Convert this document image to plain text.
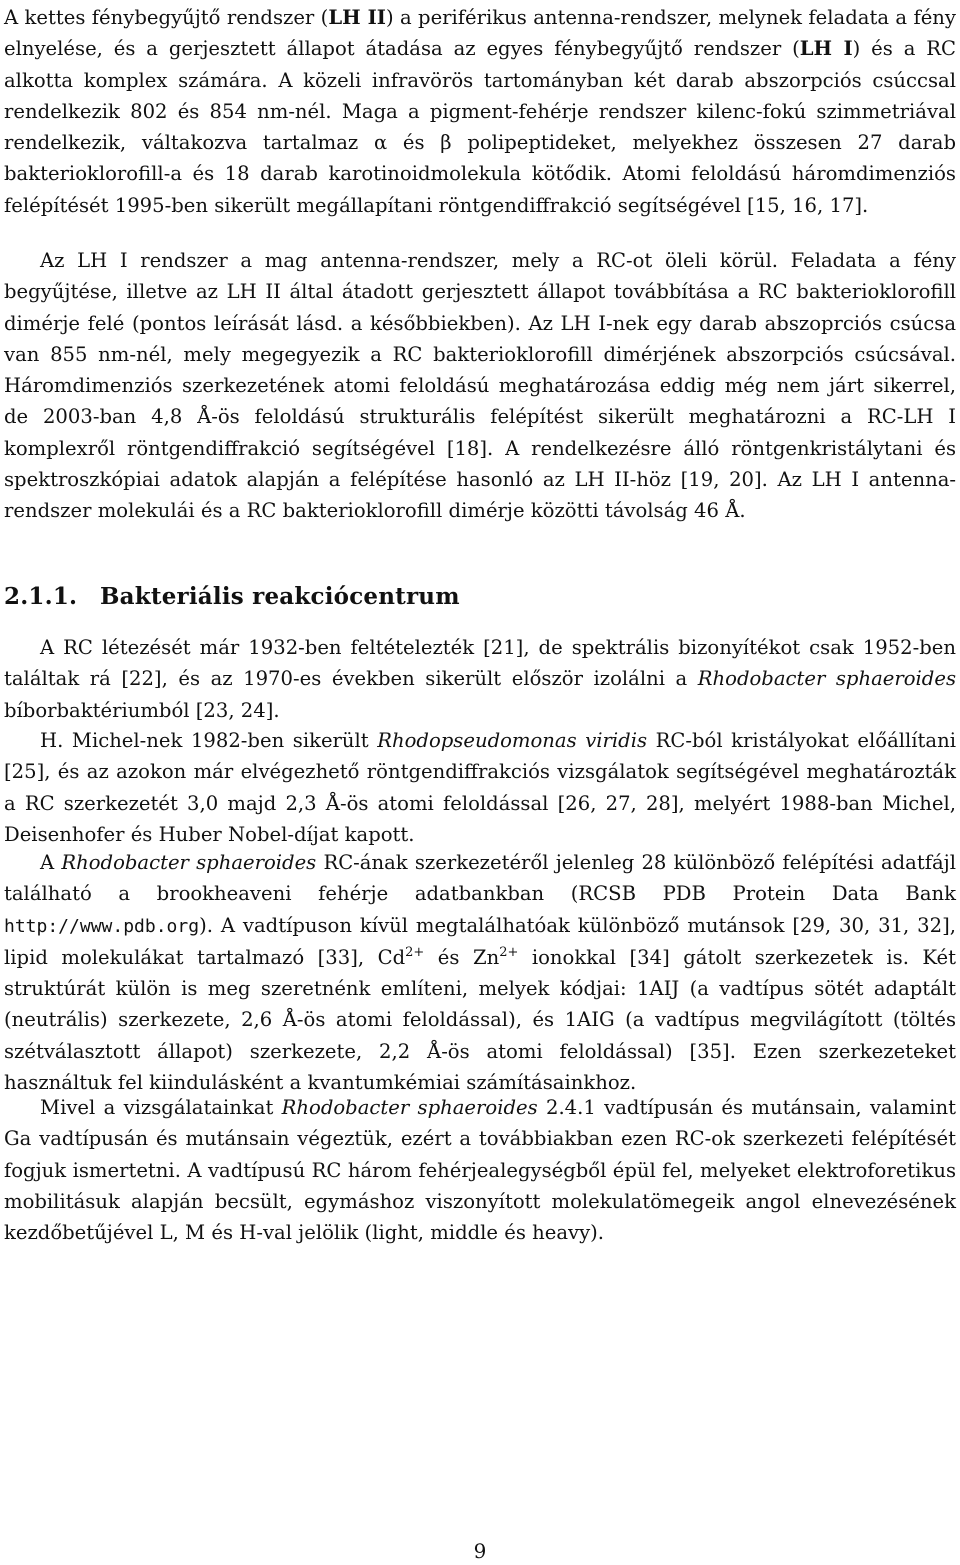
A kettes fénybegyűjtő rendszer (LH II) a periférikus antenna-rendszer, melynek feladata a fény elnyelése, és a gerjesztett állapot átadása az egyes fénybegyűjtő rendszer (LH I) és a RC alkotta komplex számára. A közeli infravörös tartományban két darab abszorpciós csúccsal rendelkezik 802 és 854 nm-nél. Maga a pigment-fehérje rendszer kilenc-fokú szimmetriával rendelkezik, váltakozva tartalmaz α és β polipeptideket, melyekhez összesen 27 darab bakterioklorofill-a és 18 darab karotinoidmolekula kötődik. Atomi feloldású háromdimenziós felépítését 1995-ben sikerült megállapítani röntgendiffrakció segítségével [15, 16, 17].

Az LH I rendszer a mag antenna-rendszer, mely a RC-ot öleli körül. Feladata a fény begyűjtése, illetve az LH II által átadott gerjesztett állapot továbbítása a RC bakterioklorofill dimérje felé (pontos leírását lásd. a későbbiekben). Az LH I-nek egy darab abszoprciós csúcsa van 855 nm-nél, mely megegyezik a RC bakterioklorofill dimérjének abszorpciós csúcsával. Háromdimenziós szerkezetének atomi feloldású meghatározása eddig még nem járt sikerrel, de 2003-ban 4,8 Å-ös feloldású strukturális felépítést sikerült meghatározni a RC-LH I komplexről röntgendiffrakció segítségével [18]. A rendelkezésre álló röntgenkristálytani és spektroszkópiai adatok alapján a felépítése hasonló az LH II-höz [19, 20]. Az LH I antenna-rendszer molekulái és a RC bakterioklorofill dimérje közötti távolság 46 Å.

2.1.1. Bakteriális reakciócentrum

A RC létezését már 1932-ben feltételezték [21], de spektrális bizonyítékot csak 1952-ben találtak rá [22], és az 1970-es években sikerült először izolálni a Rhodobacter sphaeroides bíborbaktériumból [23, 24].

H. Michel-nek 1982-ben sikerült Rhodopseudomonas viridis RC-ból kristályokat előállítani [25], és az azokon már elvégezhető röntgendiffrakciós vizsgálatok segítségével meghatározták a RC szerkezetét 3,0 majd 2,3 Å-ös atomi feloldással [26, 27, 28], melyért 1988-ban Michel, Deisenhofer és Huber Nobel-díjat kapott.

A Rhodobacter sphaeroides RC-ának szerkezetéről jelenleg 28 különböző felépítési adatfájl található a brookheaveni fehérje adatbankban (RCSB PDB Protein Data Bank http://www.pdb.org). A vadtípuson kívül megtalálhatóak különböző mutánsok [29, 30, 31, 32], lipid molekulákat tartalmazó [33], $Cd^{2+}$ és $Zn^{2+}$ ionokkal [34] gátolt szerkezetek is. Két struktúrát külön is meg szeretnénk említeni, melyek kódjai: 1AIJ (a vadtípus sötét adaptált (neutrális) szerkezete, 2,6 Å-ös atomi feloldással), és 1AIG (a vadtípus megvilágított (töltés szétválasztott állapot) szerkezete, 2,2 Å-ös atomi feloldással) [35]. Ezen szerkezeteket használtuk fel kiindulásként a kvantumkémiai számításainkhoz.

Mivel a vizsgálatainkat Rhodobacter sphaeroides 2.4.1 vadtípusán és mutánsain, valamint Ga vadtípusán és mutánsain végeztük, ezért a továbbiakban ezen RC-ok szerkezeti felépítését fogjuk ismertetni. A vadtípusú RC három fehérjealegységből épül fel, melyeket elektroforetikus mobilitásuk alapján becsült, egymáshoz viszonyított molekulatömegeik angol elnevezésének kezdőbetűjével L, M és H-val jelölik (light, middle és heavy).

9
